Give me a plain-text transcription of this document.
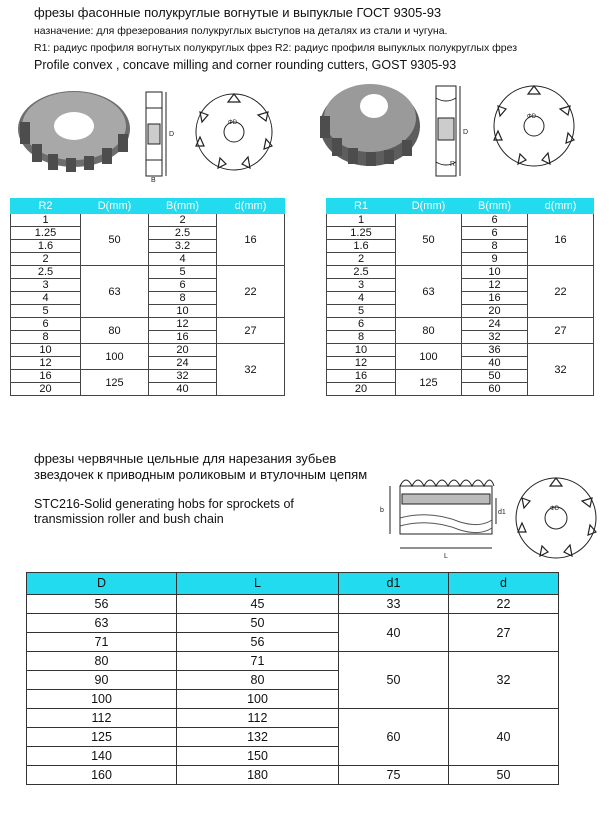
фрезы фасонные полукруглые вогнутые и выпуклые ГОСТ 9305-93
назначение: для фрезерования полукруглых выступов на деталях из стали и чугуна.
R1: радиус профиля вогнутых полукруглых фрез R2: радиус профиля выпуклых полукруглых фрез
Profile convex , concave milling and corner rounding cutters, GOST 9305-93
D
B
ΦD
D
R
ΦD
R2	D(mm)	B(mm)	d(mm)
1	50	2	16
1.25		2.5	
1.6		3.2	
2		4	
2.5	63	5	22
3		6	
4		8	
5		10	
6	80	12	27
8		16	
10	100	20	32
12		24	
16	125	32	
20		40	
R1	D(mm)	B(mm)	d(mm)
1	50	6	16
1.25		6	
1.6		8	
2		9	
2.5	63	10	22
3		12	
4		16	
5		20	
6	80	24	27
8		32	
10	100	36	32
12		40	
16	125	50	
20		60	
фрезы червячные цельные для нарезания зубьев звездочек к приводным роликовым и втулочным цепям
STC216-Solid generating hobs for sprockets of transmission roller and bush chain
b	d1
L
ΦD
D	L	d1	d
56	45	33	22
63	50	40	27
71	56		
80	71	50	32
90	80		
100	100		
112	112	60	40
125	132		
140	150		
160	180	75	50
